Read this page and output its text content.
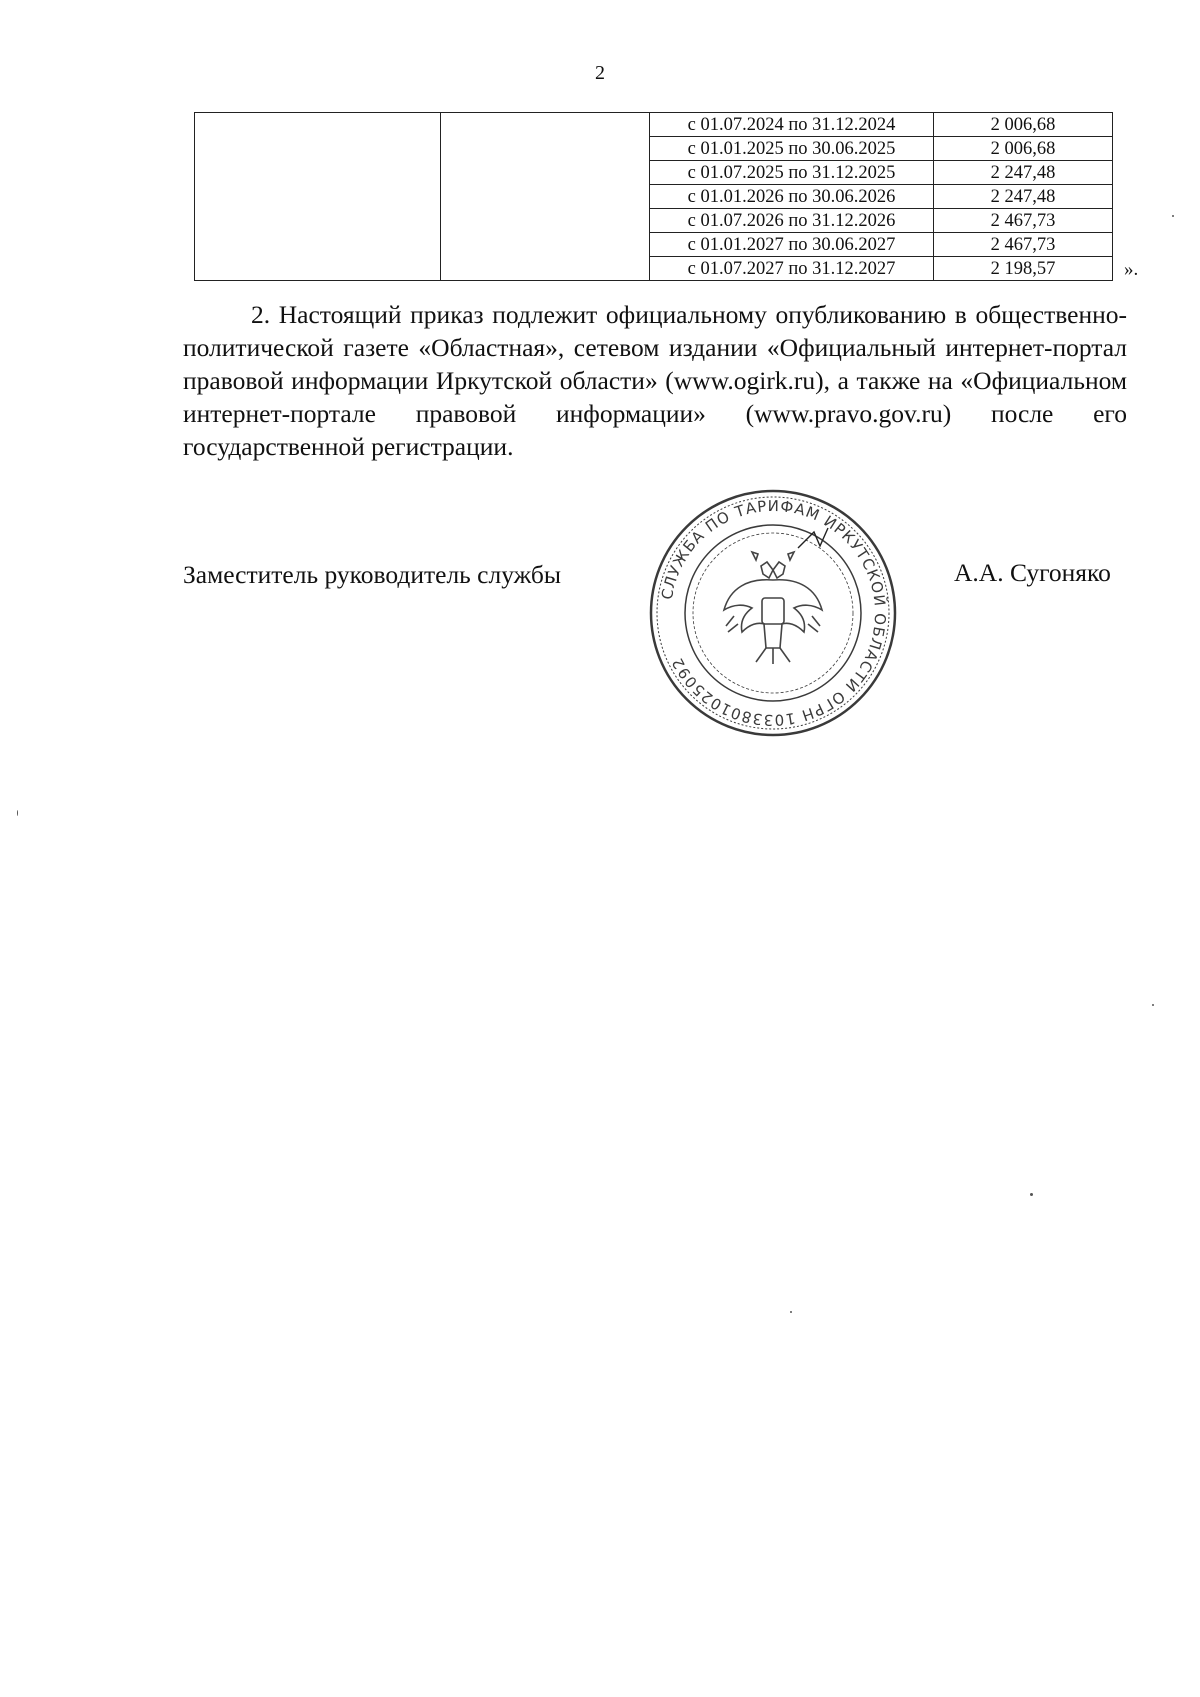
2
		с 01.07.2024 по 31.12.2024	2 006,68
		с 01.01.2025 по 30.06.2025	2 006,68
		с 01.07.2025 по 31.12.2025	2 247,48
		с 01.01.2026 по 30.06.2026	2 247,48
		с 01.07.2026 по 31.12.2026	2 467,73
		с 01.01.2027 по 30.06.2027	2 467,73
		с 01.07.2027 по 31.12.2027	2 198,57	».

2. Настоящий приказ подлежит официальному опубликованию в общественно-политической газете «Областная», сетевом издании «Официальный интернет-портал правовой информации Иркутской области» (www.ogirk.ru), а также на «Официальном интернет-портале правовой информации» (www.pravo.gov.ru) после его государственной регистрации.

Заместитель руководитель службы
СЛУЖБА ПО ТАРИФАМ ИРКУТСКОЙ ОБЛАСТИ ОГРН 1033801025092
А.А. Сугоняко
